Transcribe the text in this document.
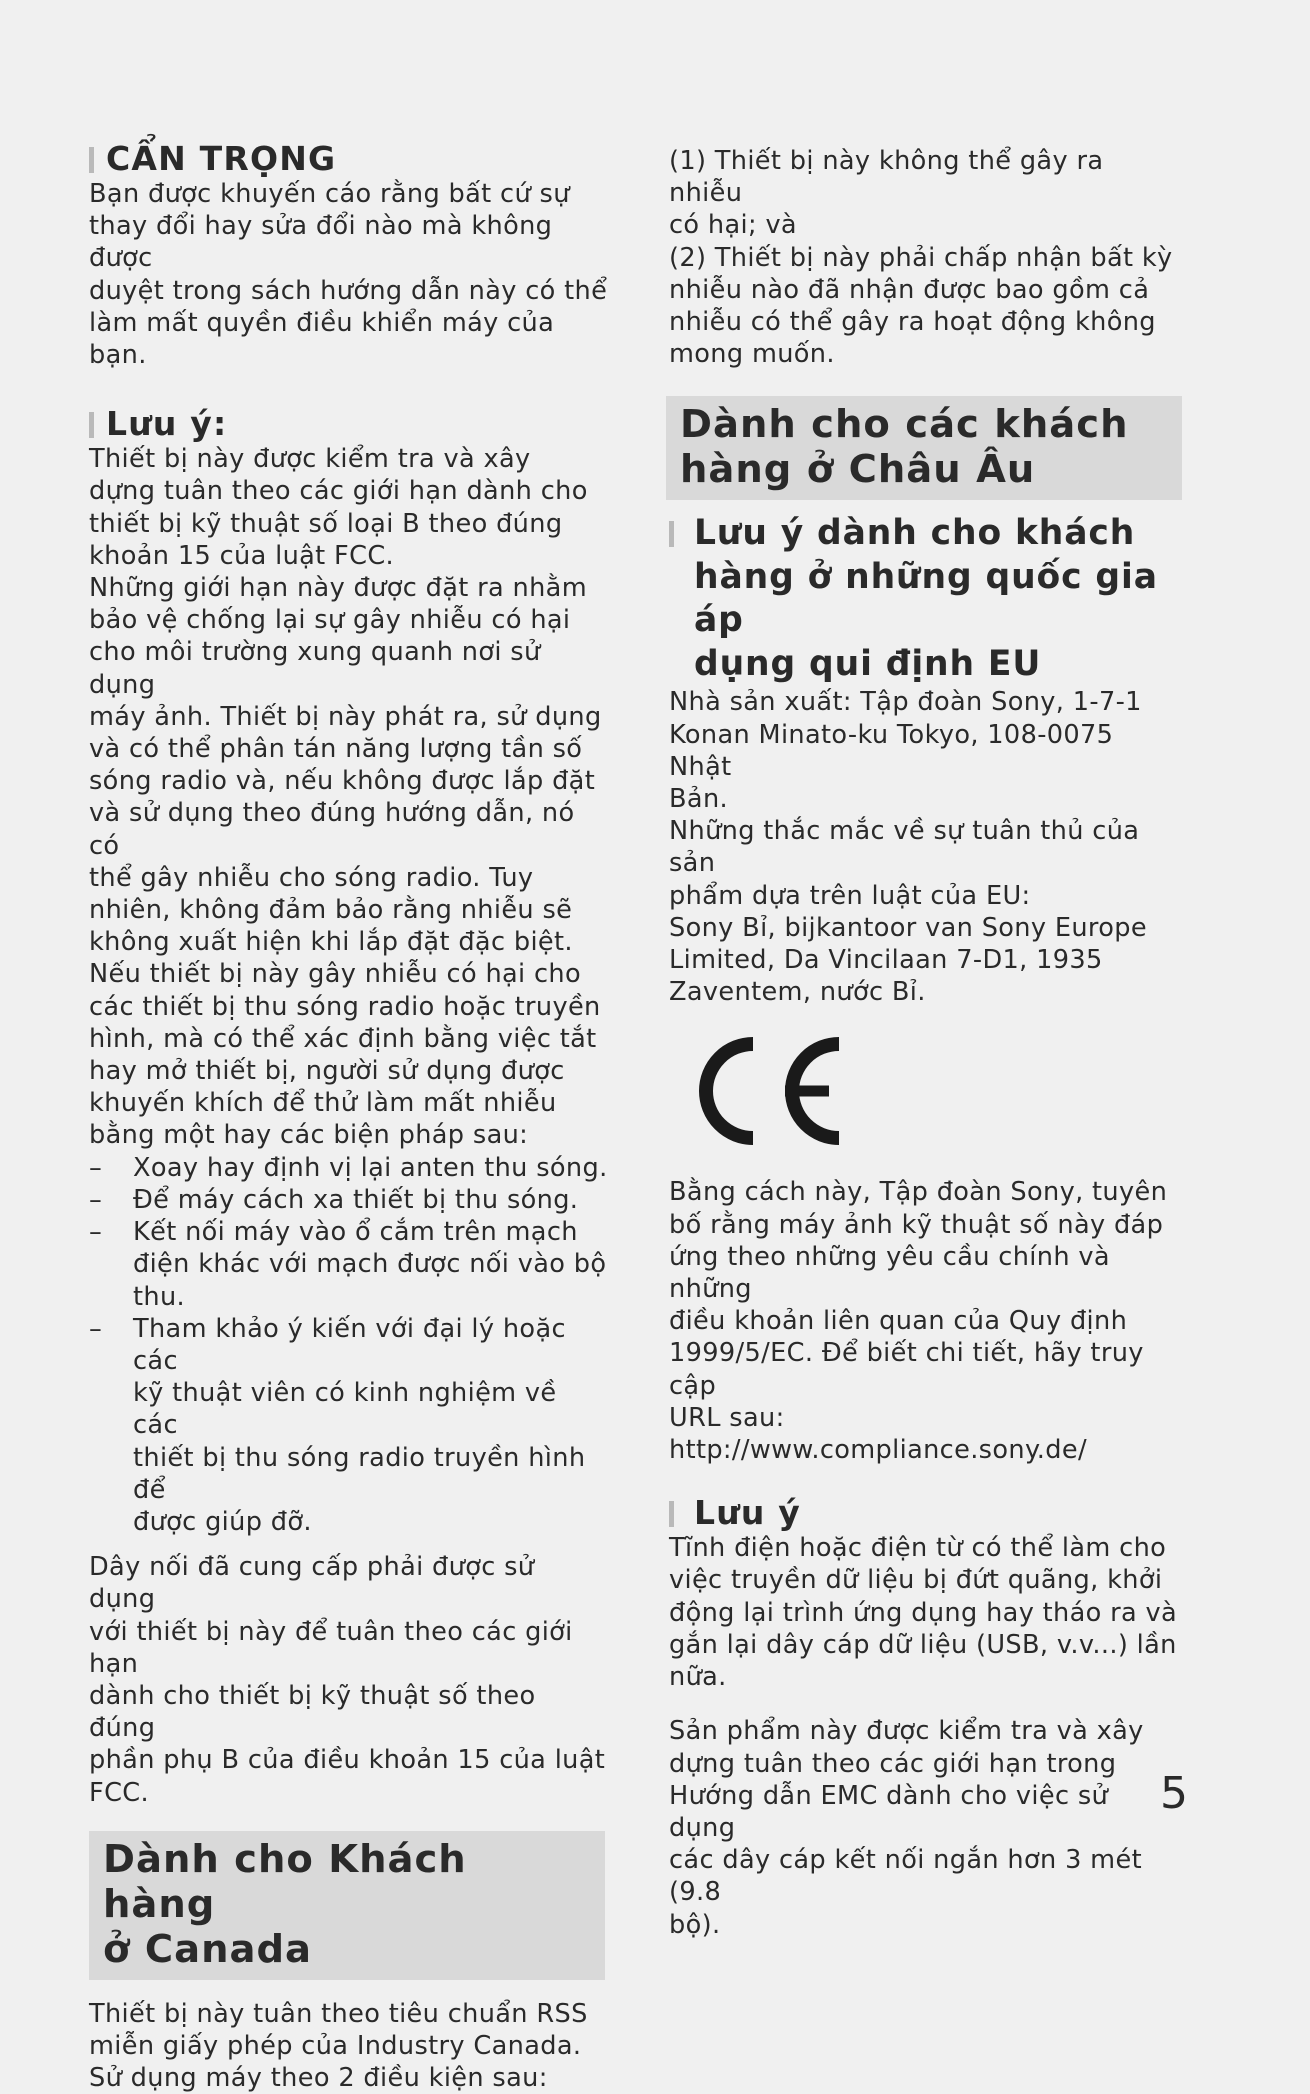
CẨN TRỌNG

Bạn được khuyến cáo rằng bất cứ sự

thay đổi hay sửa đổi nào mà không được

duyệt trong sách hướng dẫn này có thể

làm mất quyền điều khiển máy của bạn.

Lưu ý:

Thiết bị này được kiểm tra và xây

dựng tuân theo các giới hạn dành cho

thiết bị kỹ thuật số loại B theo đúng

khoản 15 của luật FCC.

Những giới hạn này được đặt ra nhằm

bảo vệ chống lại sự gây nhiễu có hại

cho môi trường xung quanh nơi sử dụng

máy ảnh. Thiết bị này phát ra, sử dụng

và có thể phân tán năng lượng tần số

sóng radio và, nếu không được lắp đặt

và sử dụng theo đúng hướng dẫn, nó có

thể gây nhiễu cho sóng radio. Tuy

nhiên, không đảm bảo rằng nhiễu sẽ

không xuất hiện khi lắp đặt đặc biệt.

Nếu thiết bị này gây nhiễu có hại cho

các thiết bị thu sóng radio hoặc truyền

hình, mà có thể xác định bằng việc tắt

hay mở thiết bị, người sử dụng được

khuyến khích để thử làm mất nhiễu

bằng một hay các biện pháp sau:

–	Xoay hay định vị lại anten thu sóng.
–	Để máy cách xa thiết bị thu sóng.
–	Kết nối máy vào ổ cắm trên mạch
điện khác với mạch được nối vào bộ
thu.
–	Tham khảo ý kiến với đại lý hoặc các
kỹ thuật viên có kinh nghiệm về các
thiết bị thu sóng radio truyền hình để
được giúp đỡ.

Dây nối đã cung cấp phải được sử dụng

với thiết bị này để tuân theo các giới hạn

dành cho thiết bị kỹ thuật số theo đúng

phần phụ B của điều khoản 15 của luật

FCC.

Dành cho Khách hàng
ở Canada

Thiết bị này tuân theo tiêu chuẩn RSS

miễn giấy phép của Industry Canada.

Sử dụng máy theo 2 điều kiện sau:

(1) Thiết bị này không thể gây ra nhiễu

có hại; và

(2) Thiết bị này phải chấp nhận bất kỳ

nhiễu nào đã nhận được bao gồm cả

nhiễu có thể gây ra hoạt động không

mong muốn.

Dành cho các khách
hàng ở Châu Âu
Lưu ý dành cho khách
hàng ở những quốc gia áp
dụng qui định EU

Nhà sản xuất: Tập đoàn Sony, 1-7-1

Konan Minato-ku Tokyo, 108-0075 Nhật

Bản.

Những thắc mắc về sự tuân thủ của sản

phẩm dựa trên luật của EU:

Sony Bỉ, bijkantoor van Sony Europe

Limited, Da Vincilaan 7-D1, 1935

Zaventem, nước Bỉ.

Bằng cách này, Tập đoàn Sony, tuyên

bố rằng máy ảnh kỹ thuật số này đáp

ứng theo những yêu cầu chính và những

điều khoản liên quan của Quy định

1999/5/EC. Để biết chi tiết, hãy truy cập

URL sau:

http://www.compliance.sony.de/

Lưu ý

Tĩnh điện hoặc điện từ có thể làm cho

việc truyền dữ liệu bị đứt quãng, khởi

động lại trình ứng dụng hay tháo ra và

gắn lại dây cáp dữ liệu (USB, v.v...) lần

nữa.

Sản phẩm này được kiểm tra và xây

dựng tuân theo các giới hạn trong

Hướng dẫn EMC dành cho việc sử dụng

các dây cáp kết nối ngắn hơn 3 mét (9.8

bộ).

5
